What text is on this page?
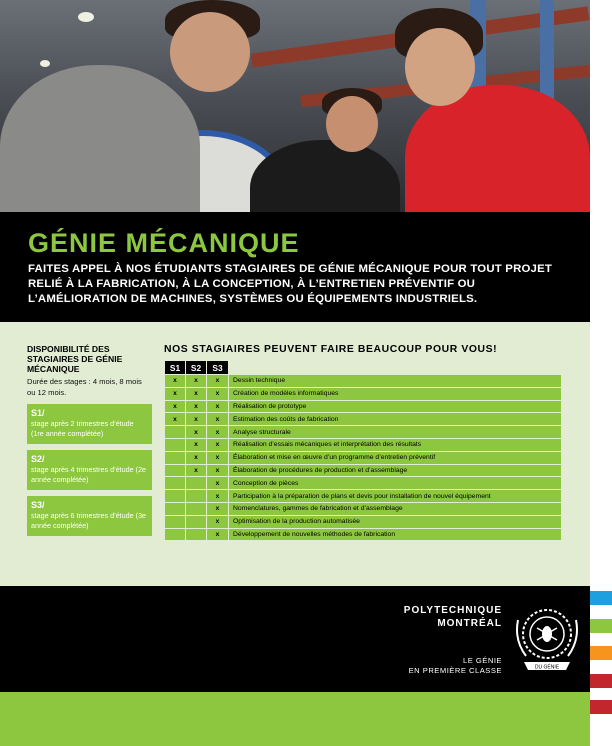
GÉNIE MÉCANIQUE

FAITES APPEL À NOS ÉTUDIANTS STAGIAIRES DE GÉNIE MÉCANIQUE POUR TOUT PROJET RELIÉ À LA FABRICATION, À LA CONCEPTION, À L’ENTRETIEN PRÉVENTIF OU L’AMÉLIORATION DE MACHINES, SYSTÈMES OU ÉQUIPEMENTS INDUSTRIELS.

DISPONIBILITÉ DES STAGIAIRES DE GÉNIE MÉCANIQUE
Durée des stages : 4 mois, 8 mois ou 12 mois.
S1/
stage après 2 trimestres d’étude (1re année complétée)
S2/
stage après 4 trimestres d’étude (2e année complétée)
S3/
stage après 6 trimestres d’étude (3e année complétée)
NOS STAGIAIRES PEUVENT FAIRE BEAUCOUP POUR VOUS!
S1	S2	S3	
x	x	x	Dessin technique
x	x	x	Création de modèles informatiques
x	x	x	Réalisation de prototype
x	x	x	Estimation des coûts de fabrication
	x	x	Analyse structurale
	x	x	Réalisation d’essais mécaniques et interprétation des résultats
	x	x	Élaboration et mise en œuvre d’un programme d’entretien préventif
	x	x	Élaboration de procédures de production et d’assemblage
		x	Conception de pièces
		x	Participation à la préparation de plans et devis pour installation de nouvel équipement
		x	Nomenclatures, gammes de fabrication et d’assemblage
		x	Optimisation de la production automatisée
		x	Développement de nouvelles méthodes de fabrication
POLYTECHNIQUE
MONTRÉAL
LE GÉNIE
EN PREMIÈRE CLASSE	DU GÉNIE
